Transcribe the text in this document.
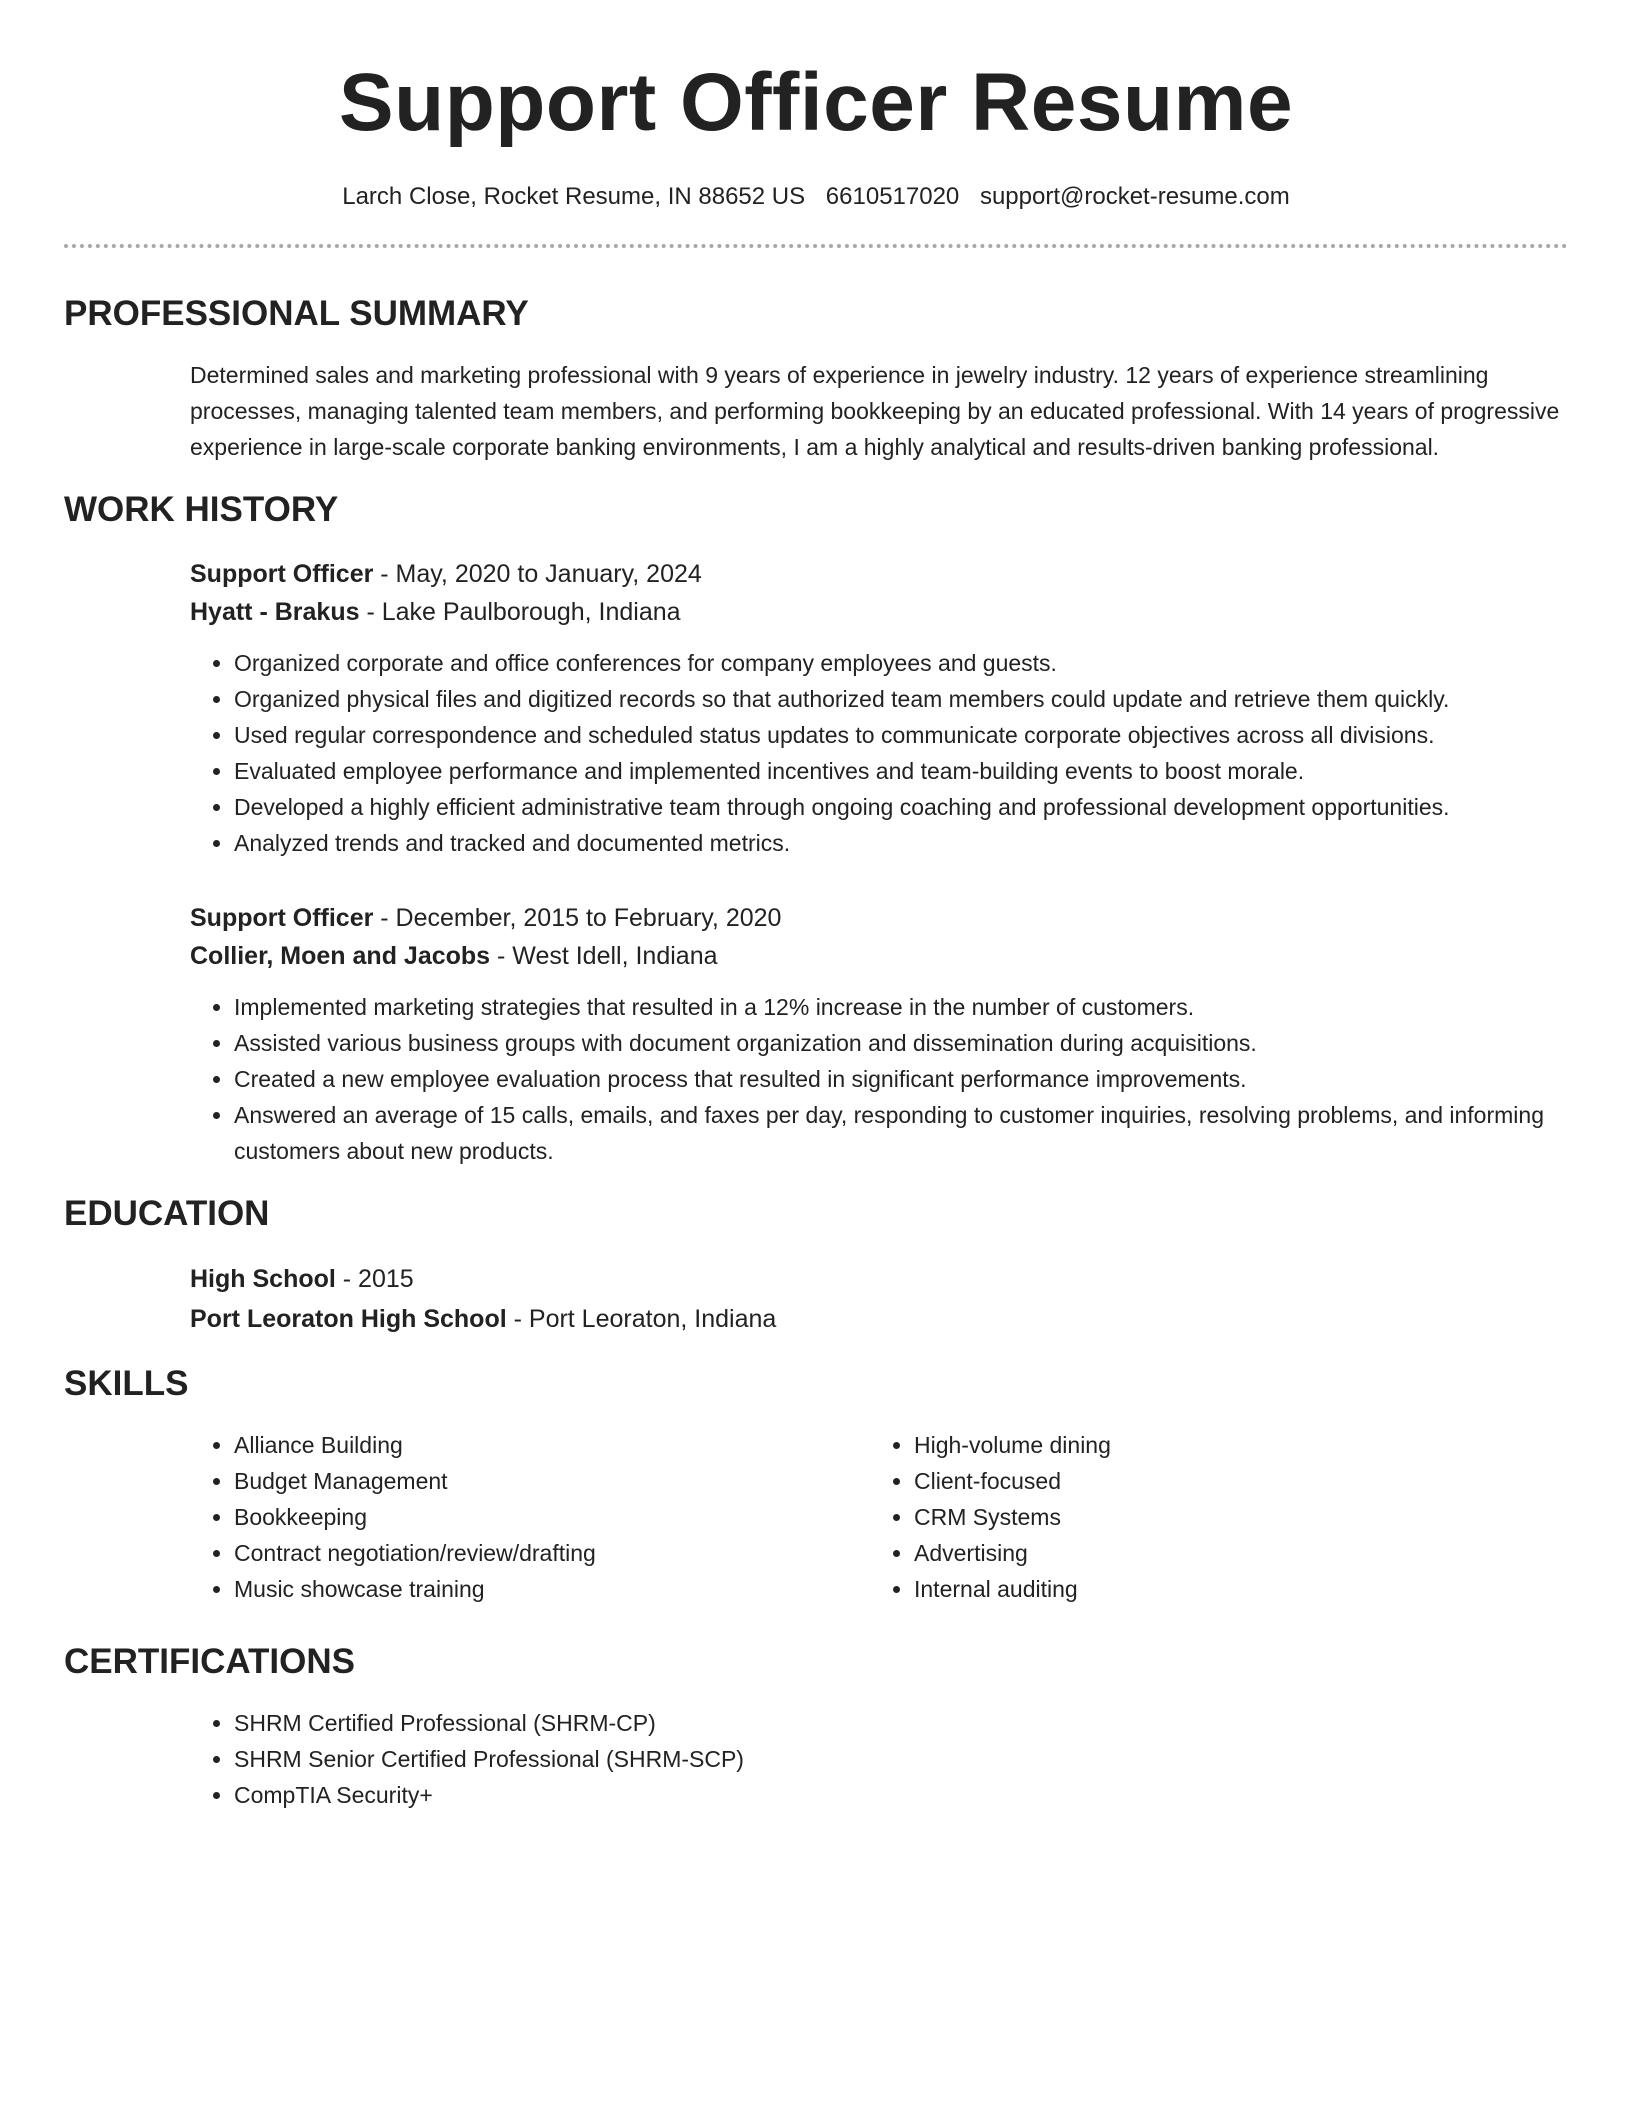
Support Officer Resume
Larch Close, Rocket Resume, IN 88652 US 6610517020 support@rocket-resume.com
PROFESSIONAL SUMMARY

Determined sales and marketing professional with 9 years of experience in jewelry industry. 12 years of experience streamlining processes, managing talented team members, and performing bookkeeping by an educated professional. With 14 years of progressive experience in large-scale corporate banking environments, I am a highly analytical and results-driven banking professional.

WORK HISTORY
Support Officer - May, 2020 to January, 2024
Hyatt - Brakus - Lake Paulborough, Indiana
• Organized corporate and office conferences for company employees and guests.
• Organized physical files and digitized records so that authorized team members could update and retrieve them quickly.
• Used regular correspondence and scheduled status updates to communicate corporate objectives across all divisions.
• Evaluated employee performance and implemented incentives and team-building events to boost morale.
• Developed a highly efficient administrative team through ongoing coaching and professional development opportunities.
• Analyzed trends and tracked and documented metrics.
Support Officer - December, 2015 to February, 2020
Collier, Moen and Jacobs - West Idell, Indiana
• Implemented marketing strategies that resulted in a 12% increase in the number of customers.
• Assisted various business groups with document organization and dissemination during acquisitions.
• Created a new employee evaluation process that resulted in significant performance improvements.
• Answered an average of 15 calls, emails, and faxes per day, responding to customer inquiries, resolving problems, and informing customers about new products.
EDUCATION
High School - 2015
Port Leoraton High School - Port Leoraton, Indiana
SKILLS
• Alliance Building
• Budget Management
• Bookkeeping
• Contract negotiation/review/drafting
• Music showcase training
• High-volume dining
• Client-focused
• CRM Systems
• Advertising
• Internal auditing
CERTIFICATIONS
• SHRM Certified Professional (SHRM-CP)
• SHRM Senior Certified Professional (SHRM-SCP)
• CompTIA Security+
